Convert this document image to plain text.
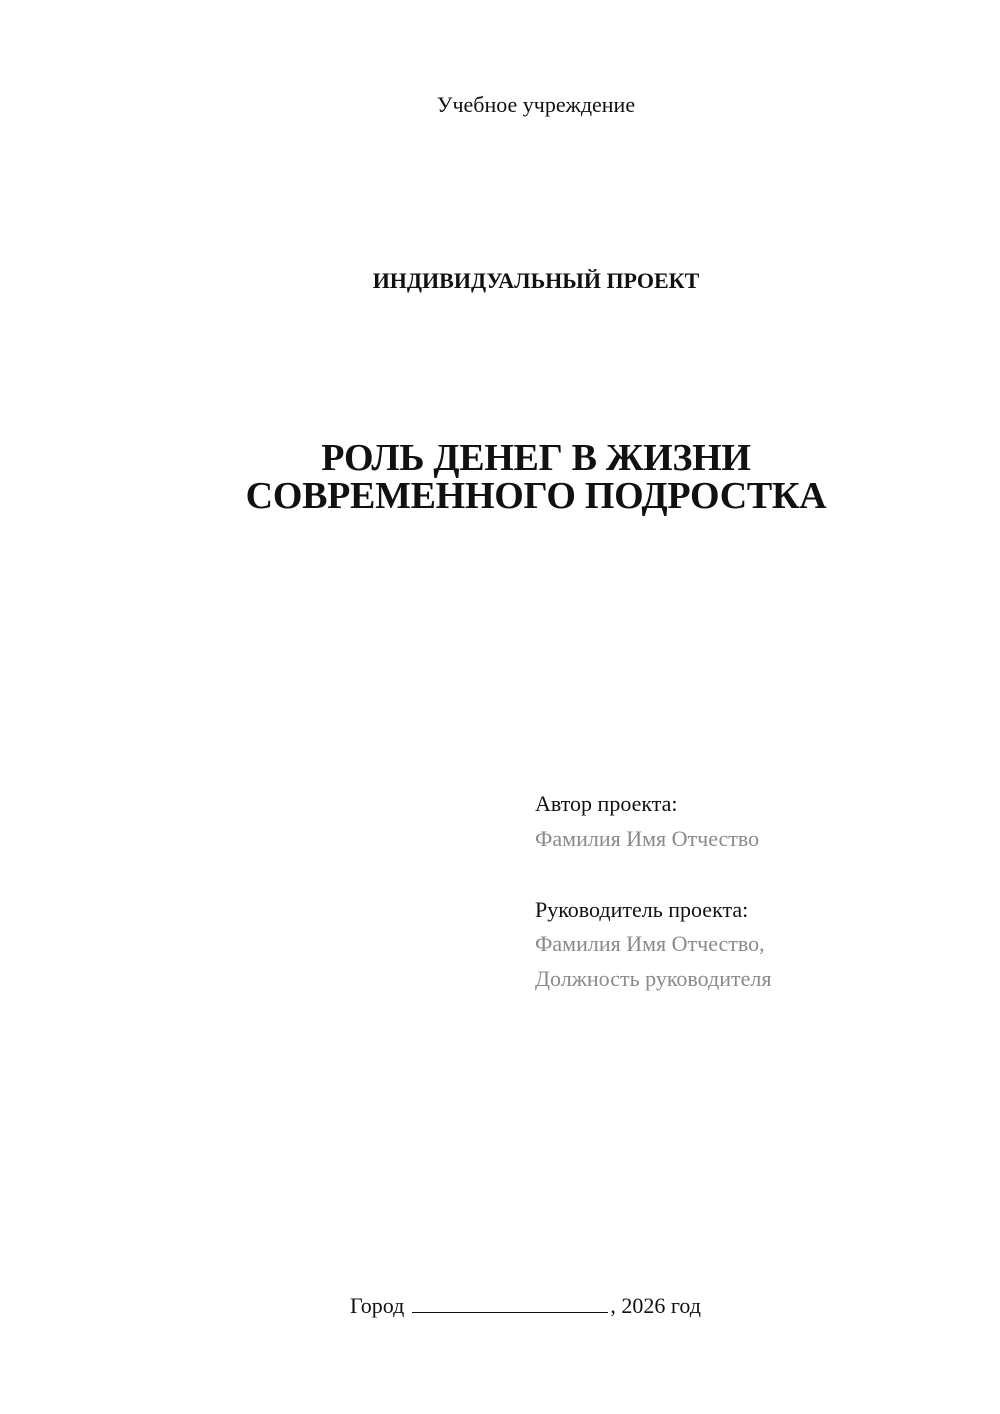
Учебное учреждение
ИНДИВИДУАЛЬНЫЙ ПРОЕКТ
РОЛЬ ДЕНЕГ В ЖИЗНИ
СОВРЕМЕННОГО ПОДРОСТКА
Автор проекта:
Фамилия Имя Отчество
Руководитель проекта:
Фамилия Имя Отчество,
Должность руководителя
Город	, 2026 год
